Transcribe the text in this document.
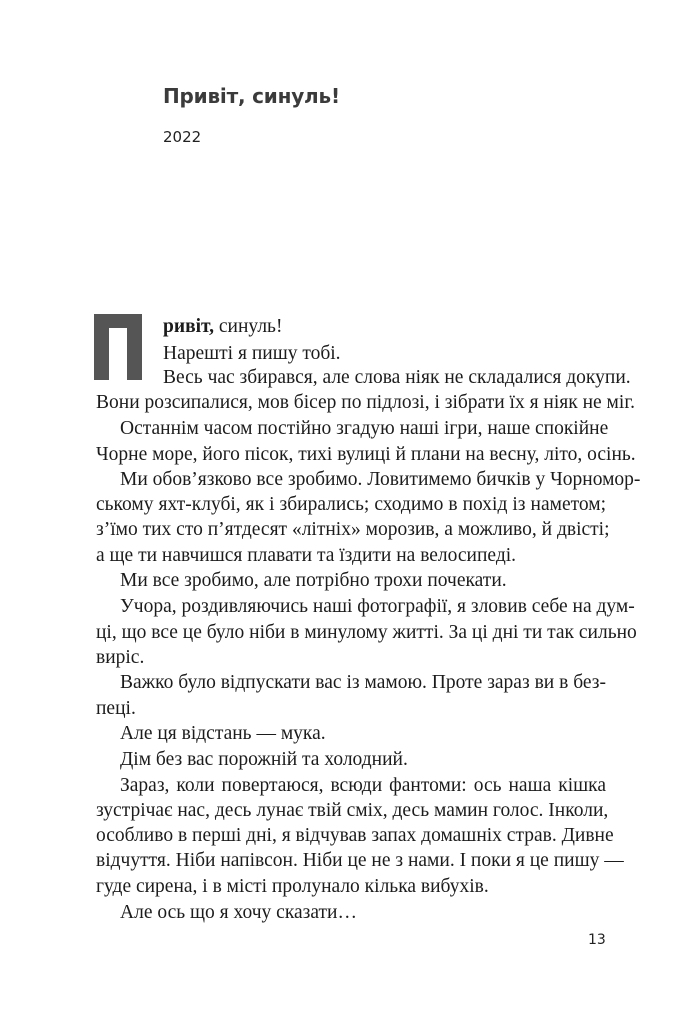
Привіт, синуль!
2022
ривіт, синуль!
Нарешті я пишу тобі.
Весь час збирався, але слова ніяк не складалися докупи.
Вони розсипалися, мов бісер по підлозі, і зібрати їх я ніяк не міг.
Останнім часом постійно згадую наші ігри, наше спокійне
Чорне море, його пісок, тихі вулиці й плани на весну, літо, осінь.
Ми обов’язково все зробимо. Ловитимемо бичків у Чорномор-
ському яхт-клубі, як і збирались; сходимо в похід із наметом;
з’їмо тих сто п’ятдесят «літніх» морозив, а можливо, й двісті;
а ще ти навчишся плавати та їздити на велосипеді.
Ми все зробимо, але потрібно трохи почекати.
Учора, роздивляючись наші фотографії, я зловив себе на дум-
ці, що все це було ніби в минулому житті. За ці дні ти так сильно
виріс.
Важко було відпускати вас із мамою. Проте зараз ви в без-
пеці.
Але ця відстань — мука.
Дім без вас порожній та холодний.
Зараз, коли повертаюся, всюди фантоми: ось наша кішка
зустрічає нас, десь лунає твій сміх, десь мамин голос. Інколи,
особливо в перші дні, я відчував запах домашніх страв. Дивне
відчуття. Ніби напівсон. Ніби це не з нами. І поки я це пишу —
гуде сирена, і в місті пролунало кілька вибухів.
Але ось що я хочу сказати…
13
